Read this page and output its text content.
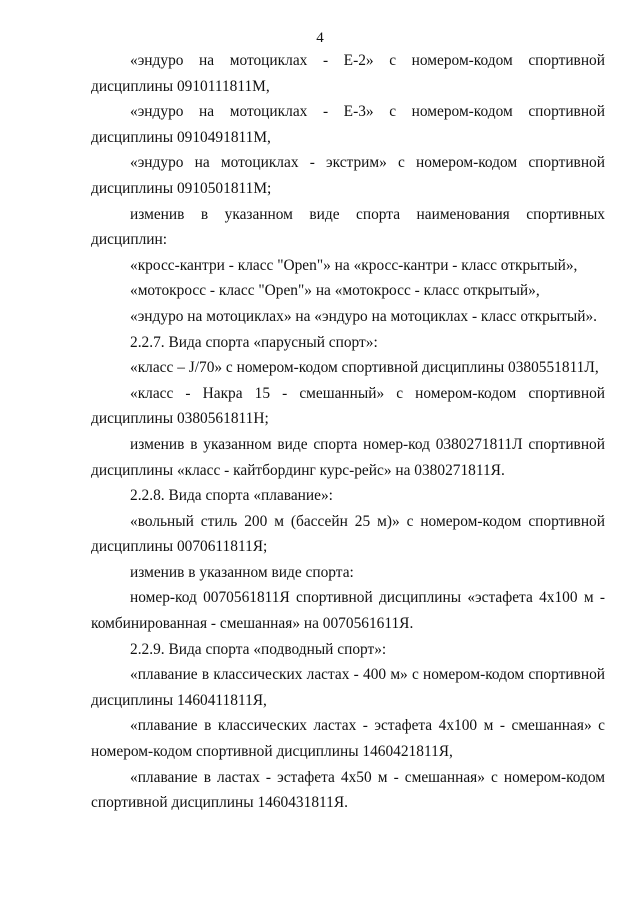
4

«эндуро на мотоциклах - Е-2» с номером-кодом спортивной дисциплины 0910111811М,

«эндуро на мотоциклах - Е-3» с номером-кодом спортивной дисциплины 0910491811М,

«эндуро на мотоциклах - экстрим» с номером-кодом спортивной дисциплины 0910501811М;

изменив в указанном виде спорта наименования спортивных дисциплин:

«кросс-кантри - класс "Open"» на «кросс-кантри - класс открытый»,

«мотокросс - класс "Open"» на «мотокросс - класс открытый»,

«эндуро на мотоциклах» на «эндуро на мотоциклах - класс открытый».

2.2.7. Вида спорта «парусный спорт»:

«класс – J/70» с номером-кодом спортивной дисциплины 0380551811Л,

«класс - Накра 15 - смешанный» с номером-кодом спортивной дисциплины 0380561811Н;

изменив в указанном виде спорта номер-код 0380271811Л спортивной дисциплины «класс - кайтбординг курс-рейс» на 0380271811Я.

2.2.8. Вида спорта «плавание»:

«вольный стиль 200 м (бассейн 25 м)» с номером-кодом спортивной дисциплины 0070611811Я;

изменив в указанном виде спорта:

номер-код 0070561811Я спортивной дисциплины «эстафета 4х100 м - комбинированная - смешанная» на 0070561611Я.

2.2.9. Вида спорта «подводный спорт»:

«плавание в классических ластах - 400 м» с номером-кодом спортивной дисциплины 1460411811Я,

«плавание в классических ластах - эстафета 4х100 м - смешанная» с номером-кодом спортивной дисциплины 1460421811Я,

«плавание в ластах - эстафета 4х50 м - смешанная» с номером-кодом спортивной дисциплины 1460431811Я.
